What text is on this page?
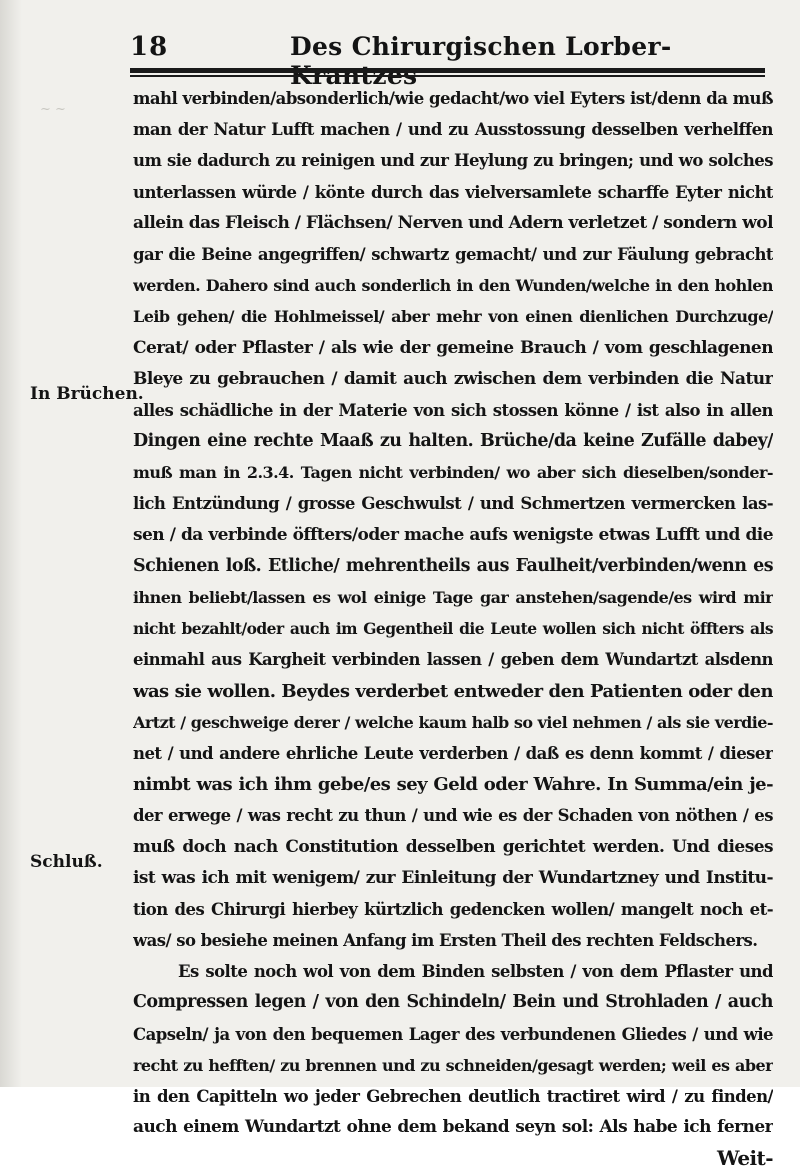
~ ~
18	Des Chirurgischen Lorber-
In Brüchen.
Schluß.
mahl verbinden/absonderlich/wie gedacht/wo viel Eyters ist/denn da muß
man der Natur Lufft machen / und zu Ausstossung desselben verhelffen
um sie dadurch zu reinigen und zur Heylung zu bringen; und wo solches
unterlassen würde / könte durch das vielversamlete scharffe Eyter nicht
allein das Fleisch / Flächsen/ Nerven und Adern verletzet / sondern wol
gar die Beine angegriffen/ schwartz gemacht/ und zur Fäulung gebracht
werden. Dahero sind auch sonderlich in den Wunden/welche in den hohlen
Leib gehen/ die Hohlmeissel/ aber mehr von einen dienlichen Durchzuge/
Cerat/ oder Pflaster / als wie der gemeine Brauch / vom geschlagenen
Bleye zu gebrauchen / damit auch zwischen dem verbinden die Natur
alles schädliche in der Materie von sich stossen könne / ist also in allen
Dingen eine rechte Maaß zu halten. Brüche/da keine Zufälle dabey/
muß man in 2.3.4. Tagen nicht verbinden/ wo aber sich dieselben/sonder-
lich Entzündung / grosse Geschwulst / und Schmertzen vermercken las-
sen / da verbinde öffters/oder mache aufs wenigste etwas Lufft und die
Schienen loß. Etliche/ mehrentheils aus Faulheit/verbinden/wenn es
ihnen beliebt/lassen es wol einige Tage gar anstehen/sagende/es wird mir
nicht bezahlt/oder auch im Gegentheil die Leute wollen sich nicht öffters als
einmahl aus Kargheit verbinden lassen / geben dem Wundartzt alsdenn
was sie wollen. Beydes verderbet entweder den Patienten oder den
Artzt / geschweige derer / welche kaum halb so viel nehmen / als sie verdie-
net / und andere ehrliche Leute verderben / daß es denn kommt / dieser
nimbt was ich ihm gebe/es sey Geld oder Wahre. In Summa/ein je-
der erwege / was recht zu thun / und wie es der Schaden von nöthen / es
muß doch nach Constitution desselben gerichtet werden. Und dieses
ist was ich mit wenigem/ zur Einleitung der Wundartzney und Institu-
tion des Chirurgi hierbey kürtzlich gedencken wollen/ mangelt noch et-
was/ so besiehe meinen Anfang im Ersten Theil des rechten Feldschers.
Es solte noch wol von dem Binden selbsten / von dem Pflaster und
Compressen legen / von den Schindeln/ Bein und Strohladen / auch
Capseln/ ja von den bequemen Lager des verbundenen Gliedes / und wie
recht zu hefften/ zu brennen und zu schneiden/gesagt werden; weil es aber
in den Capitteln wo jeder Gebrechen deutlich tractiret wird / zu finden/
auch einem Wundartzt ohne dem bekand seyn sol: Als habe ich ferner
Weit-
